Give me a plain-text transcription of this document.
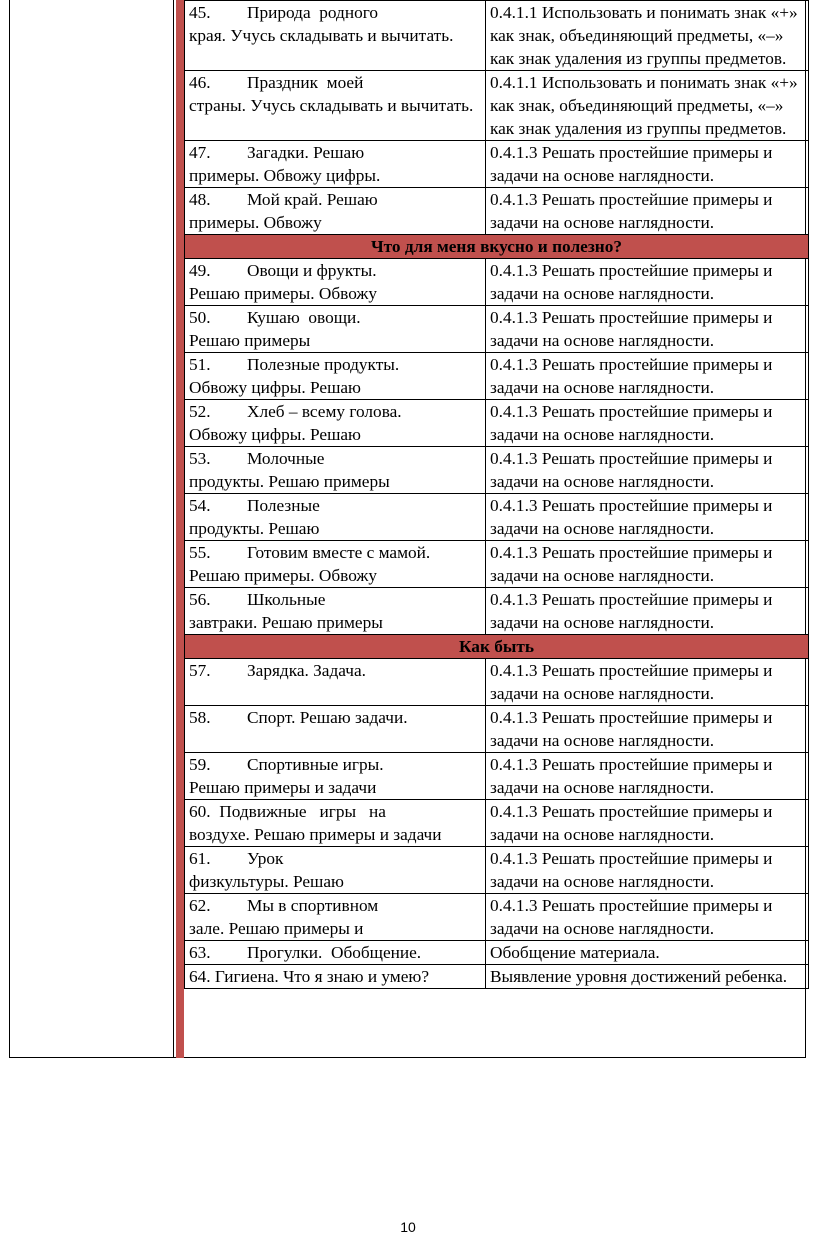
45. Природа  родного
края. Учусь складывать и вычитать.	0.4.1.1 Использовать и понимать знак «+» как знак, объединяющий предметы, «–» как знак удаления из группы предметов.
46. Праздник  моей
страны. Учусь складывать и вычитать.	0.4.1.1 Использовать и понимать знак «+» как знак, объединяющий предметы, «–» как знак удаления из группы предметов.
47. Загадки. Решаю
примеры. Обвожу цифры.	0.4.1.3 Решать простейшие примеры и задачи на основе наглядности.
48. Мой край. Решаю
примеры. Обвожу	0.4.1.3 Решать простейшие примеры и задачи на основе наглядности.
Что для меня вкусно и полезно?	
49. Овощи и фрукты.
Решаю примеры. Обвожу	0.4.1.3 Решать простейшие примеры и задачи на основе наглядности.
50. Кушаю  овощи.
Решаю примеры	0.4.1.3 Решать простейшие примеры и задачи на основе наглядности.
51. Полезные продукты.
Обвожу цифры. Решаю	0.4.1.3 Решать простейшие примеры и задачи на основе наглядности.
52. Хлеб – всему голова.
Обвожу цифры. Решаю	0.4.1.3 Решать простейшие примеры и задачи на основе наглядности.
53. Молочные
продукты. Решаю примеры	0.4.1.3 Решать простейшие примеры и задачи на основе наглядности.
54. Полезные
продукты. Решаю	0.4.1.3 Решать простейшие примеры и задачи на основе наглядности.
55. Готовим вместе с мамой.
Решаю примеры. Обвожу	0.4.1.3 Решать простейшие примеры и задачи на основе наглядности.
56. Школьные
завтраки. Решаю примеры	0.4.1.3 Решать простейшие примеры и задачи на основе наглядности.
Как быть	
57. Зарядка. Задача.	0.4.1.3 Решать простейшие примеры и задачи на основе наглядности.
58. Спорт. Решаю задачи.	0.4.1.3 Решать простейшие примеры и задачи на основе наглядности.
59. Спортивные игры.
Решаю примеры и задачи	0.4.1.3 Решать простейшие примеры и задачи на основе наглядности.
60.  Подвижные   игры   на
воздухе. Решаю примеры и задачи	0.4.1.3 Решать простейшие примеры и задачи на основе наглядности.
61. Урок
физкультуры. Решаю	0.4.1.3 Решать простейшие примеры и задачи на основе наглядности.
62. Мы в спортивном
зале. Решаю примеры и	0.4.1.3 Решать простейшие примеры и задачи на основе наглядности.
63. Прогулки.  Обобщение.	Обобщение материала.
64. Гигиена. Что я знаю и умею?	Выявление уровня достижений ребенка.
10
